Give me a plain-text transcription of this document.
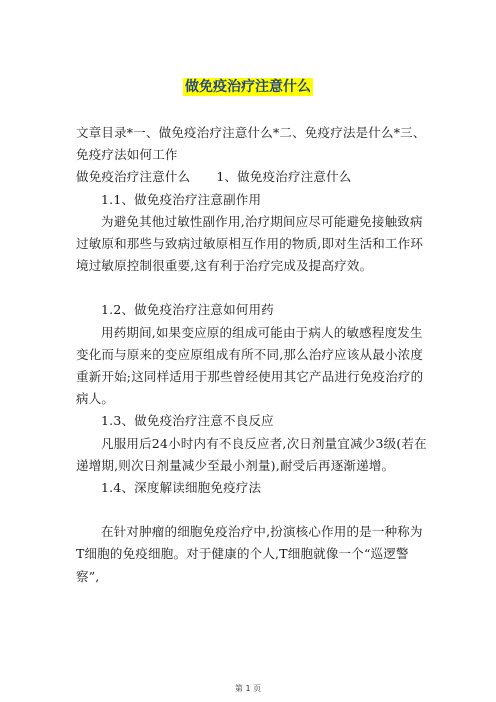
做免疫治疗注意什么

文章目录*一、做免疫治疗注意什么*二、免疫疗法是什么*三、免疫疗法如何工作

做免疫治疗注意什么 1、做免疫治疗注意什么

1.1、做免疫治疗注意副作用

为避免其他过敏性副作用,治疗期间应尽可能避免接触致病过敏原和那些与致病过敏原相互作用的物质,即对生活和工作环境过敏原控制很重要,这有利于治疗完成及提高疗效。

1.2、做免疫治疗注意如何用药

用药期间,如果变应原的组成可能由于病人的敏感程度发生变化而与原来的变应原组成有所不同,那么治疗应该从最小浓度重新开始;这同样适用于那些曾经使用其它产品进行免疫治疗的病人。

1.3、做免疫治疗注意不良反应

凡服用后24小时内有不良反应者,次日剂量宜减少3级(若在递增期,则次日剂量减少至最小剂量),耐受后再逐渐递增。

1.4、深度解读细胞免疫疗法

在针对肿瘤的细胞免疫治疗中,扮演核心作用的是一种称为T细胞的免疫细胞。对于健康的个人,T细胞就像一个“巡逻警察”,

第 1 页
